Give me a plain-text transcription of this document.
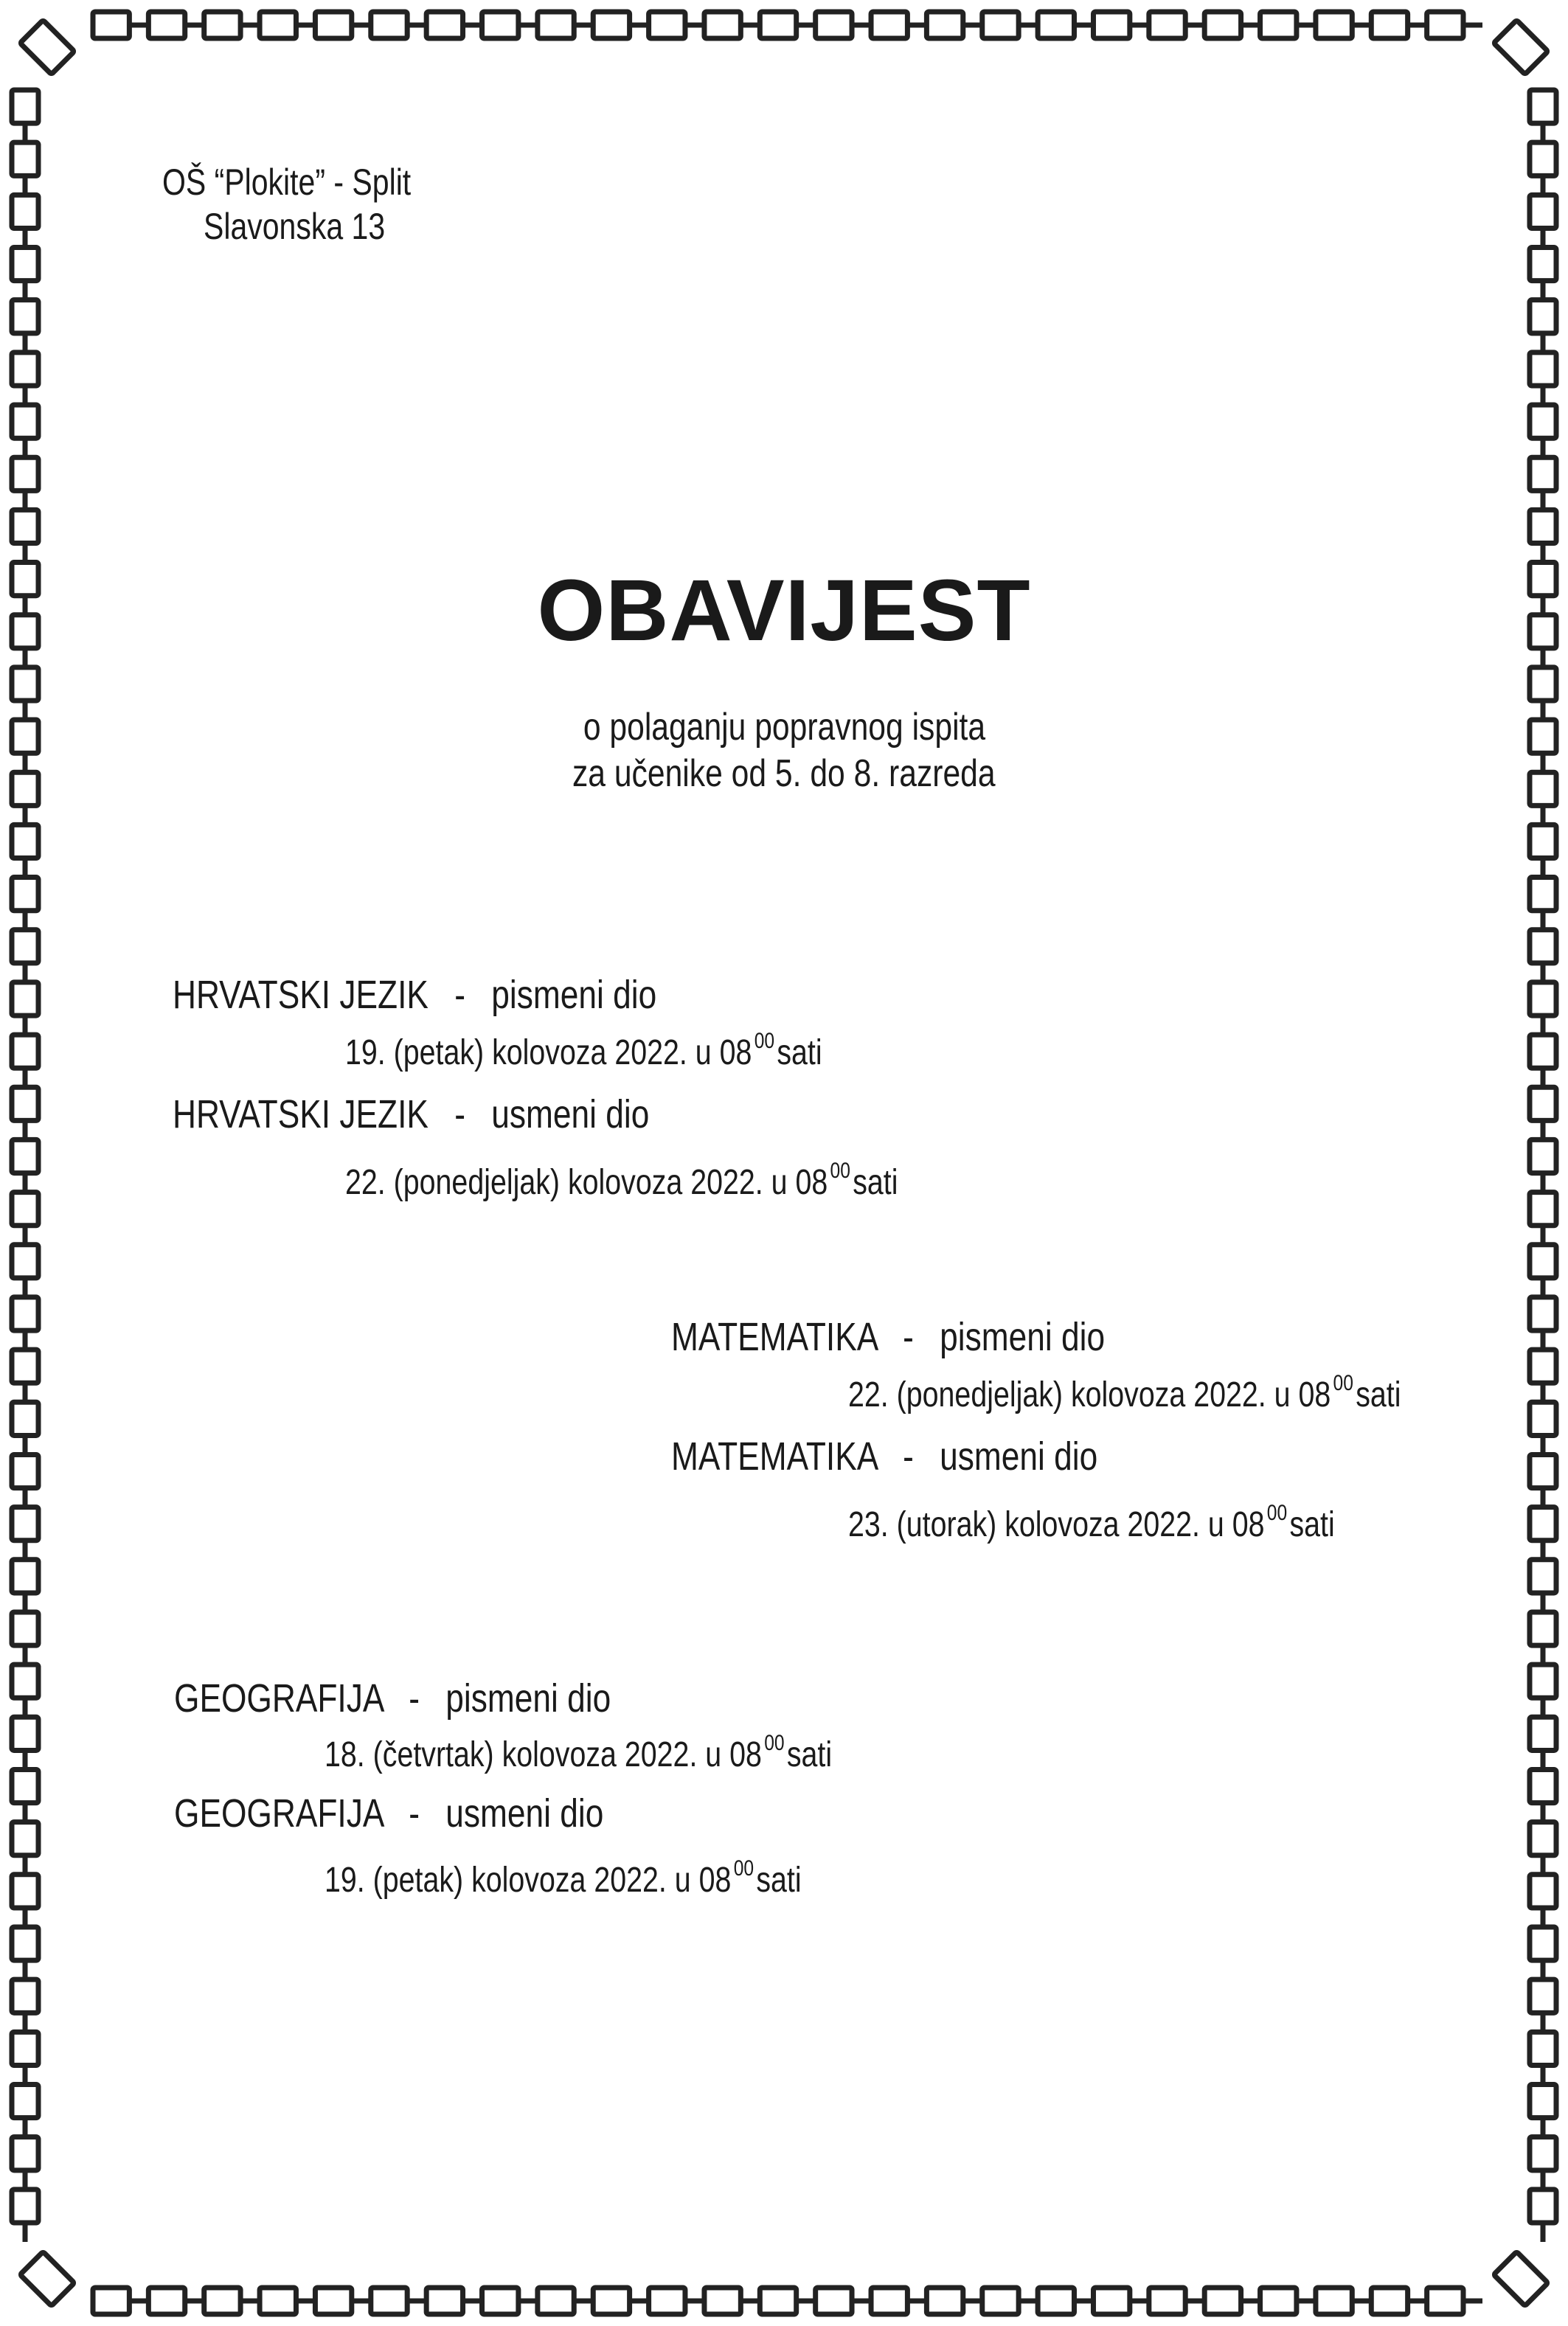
OŠ “Plokite” - Split
Slavonska 13
OBAVIJEST
o polaganju popravnog ispita
za učenike od 5. do 8. razreda
HRVATSKI JEZIK - pismeni dio
19. (petak) kolovoza 2022. u 08 $^{00}$sati
HRVATSKI JEZIK - usmeni dio
22. (ponedjeljak) kolovoza 2022. u 08 $^{00}$sati
MATEMATIKA - pismeni dio
22. (ponedjeljak) kolovoza 2022. u 08 $^{00}$sati
MATEMATIKA - usmeni dio
23. (utorak) kolovoza 2022. u 08 $^{00}$sati
GEOGRAFIJA - pismeni dio
18. (četvrtak) kolovoza 2022. u 08 $^{00}$sati
GEOGRAFIJA - usmeni dio
19. (petak) kolovoza 2022. u 08 $^{00}$sati
